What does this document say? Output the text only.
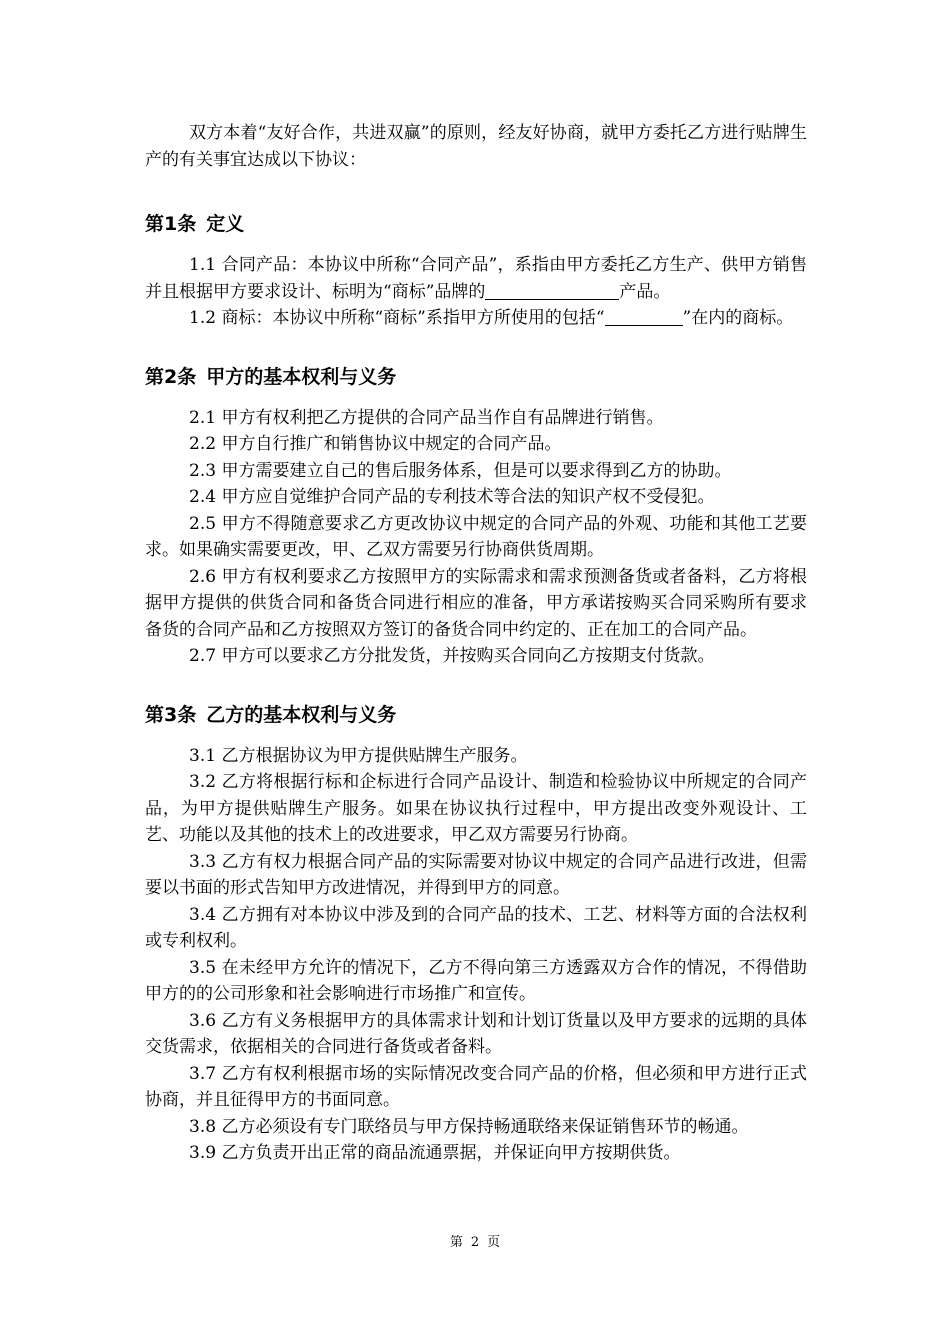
双方本着“友好合作，共进双赢”的原则，经友好协商，就甲方委托乙方进行贴牌生产的有关事宜达成以下协议：

第1条 定义

1.1 合同产品：本协议中所称“合同产品”，系指由甲方委托乙方生产、供甲方销售并且根据甲方要求设计、标明为“商标”品牌的	产品。

1.2 商标：本协议中所称“商标”系指甲方所使用的包括“	”在内的商标。

第2条 甲方的基本权利与义务

2.1 甲方有权利把乙方提供的合同产品当作自有品牌进行销售。

2.2 甲方自行推广和销售协议中规定的合同产品。

2.3 甲方需要建立自己的售后服务体系，但是可以要求得到乙方的协助。

2.4 甲方应自觉维护合同产品的专利技术等合法的知识产权不受侵犯。

2.5 甲方不得随意要求乙方更改协议中规定的合同产品的外观、功能和其他工艺要求。如果确实需要更改，甲、乙双方需要另行协商供货周期。

2.6 甲方有权利要求乙方按照甲方的实际需求和需求预测备货或者备料，乙方将根据甲方提供的供货合同和备货合同进行相应的准备，甲方承诺按购买合同采购所有要求备货的合同产品和乙方按照双方签订的备货合同中约定的、正在加工的合同产品。

2.7 甲方可以要求乙方分批发货，并按购买合同向乙方按期支付货款。

第3条 乙方的基本权利与义务

3.1 乙方根据协议为甲方提供贴牌生产服务。

3.2 乙方将根据行标和企标进行合同产品设计、制造和检验协议中所规定的合同产品，为甲方提供贴牌生产服务。如果在协议执行过程中，甲方提出改变外观设计、工艺、功能以及其他的技术上的改进要求，甲乙双方需要另行协商。

3.3 乙方有权力根据合同产品的实际需要对协议中规定的合同产品进行改进，但需要以书面的形式告知甲方改进情况，并得到甲方的同意。

3.4 乙方拥有对本协议中涉及到的合同产品的技术、工艺、材料等方面的合法权利或专利权利。

3.5 在未经甲方允许的情况下，乙方不得向第三方透露双方合作的情况，不得借助甲方的的公司形象和社会影响进行市场推广和宣传。

3.6 乙方有义务根据甲方的具体需求计划和计划订货量以及甲方要求的远期的具体交货需求，依据相关的合同进行备货或者备料。

3.7 乙方有权利根据市场的实际情况改变合同产品的价格，但必须和甲方进行正式协商，并且征得甲方的书面同意。

3.8 乙方必须设有专门联络员与甲方保持畅通联络来保证销售环节的畅通。

3.9 乙方负责开出正常的商品流通票据，并保证向甲方按期供货。

第 2 页
